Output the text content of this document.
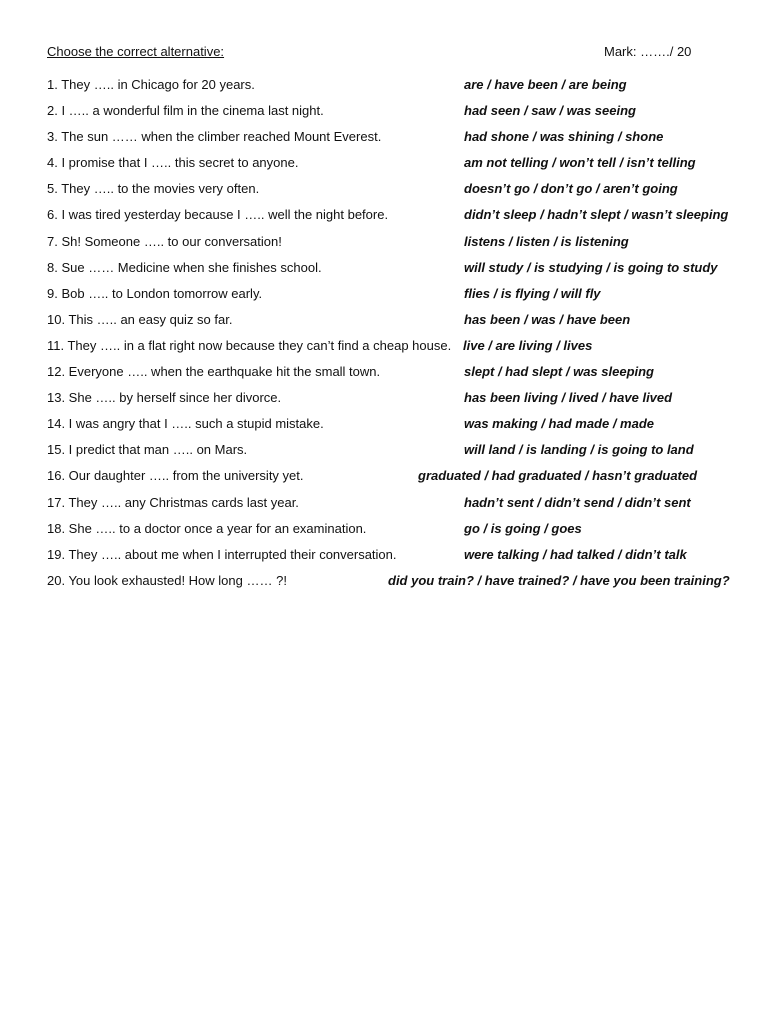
Choose the correct alternative:	Mark: ……./ 20
1. They ….. in Chicago for 20 years.	are / have been / are being
2. I ….. a wonderful film in the cinema last night.	had seen / saw / was seeing
3. The sun …… when the climber reached Mount Everest.	had shone / was shining / shone
4. I promise that I ….. this secret to anyone.	am not telling / won’t tell / isn’t telling
5. They ….. to the movies very often.	doesn’t go / don’t go / aren’t going
6. I was tired yesterday because I ….. well the night before.	didn’t sleep / hadn’t slept / wasn’t sleeping
7. Sh! Someone ….. to our conversation!	listens / listen / is listening
8. Sue …… Medicine when she finishes school.	will study / is studying / is going to study
9. Bob ….. to London tomorrow early.	flies / is flying / will fly
10. This ….. an easy quiz so far.	has been / was / have been
11. They ….. in a flat right now because they can’t find a cheap house. live / are living / lives
12. Everyone ….. when the earthquake hit the small town.	slept / had slept / was sleeping
13. She ….. by herself since her divorce.	has been living / lived / have lived
14. I was angry that I ….. such a stupid mistake.	was making / had made / made
15. I predict that man ….. on Mars.	will land / is landing / is going to land
16. Our daughter ….. from the university yet.	graduated / had graduated / hasn’t graduated
17. They ….. any Christmas cards last year.	hadn’t sent / didn’t send / didn’t sent
18. She ….. to a doctor once a year for an examination.	go / is going / goes
19. They ….. about me when I interrupted their conversation.	were talking / had talked / didn’t talk
20. You look exhausted! How long …… ?!	did you train? / have trained? / have you been training?
